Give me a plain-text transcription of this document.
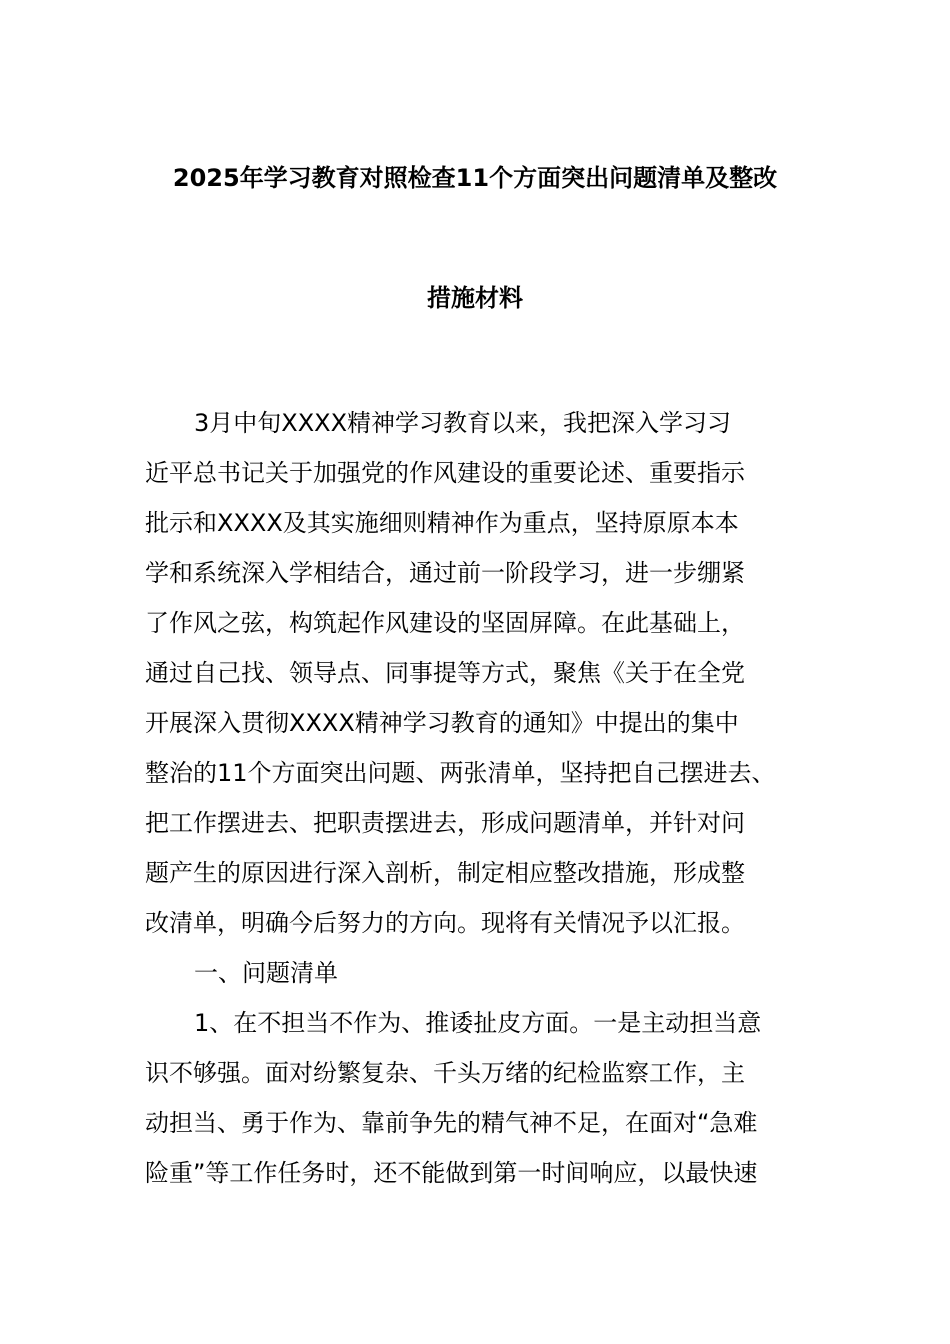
2025年学习教育对照检查11个方面突出问题清单及整改
措施材料
3月中旬XXXX精神学习教育以来，我把深入学习习
近平总书记关于加强党的作风建设的重要论述、重要指示
批示和XXXX及其实施细则精神作为重点，坚持原原本本
学和系统深入学相结合，通过前一阶段学习，进一步绷紧
了作风之弦，构筑起作风建设的坚固屏障。在此基础上，
通过自己找、领导点、同事提等方式，聚焦《关于在全党
开展深入贯彻XXXX精神学习教育的通知》中提出的集中
整治的11个方面突出问题、两张清单，坚持把自己摆进去、
把工作摆进去、把职责摆进去，形成问题清单，并针对问
题产生的原因进行深入剖析，制定相应整改措施，形成整
改清单，明确今后努力的方向。现将有关情况予以汇报。
一、问题清单
1、在不担当不作为、推诿扯皮方面。一是主动担当意
识不够强。面对纷繁复杂、千头万绪的纪检监察工作，主
动担当、勇于作为、靠前争先的精气神不足，在面对“急难
险重”等工作任务时，还不能做到第一时间响应，以最快速
